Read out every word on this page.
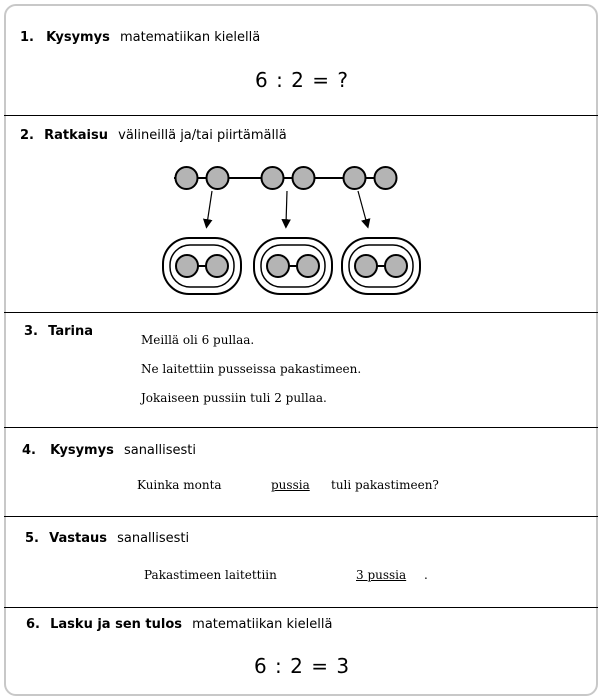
1. Kysymys matematiikan kielellä
6 : 2 = ?
2. Ratkaisu välineillä ja/tai piirtämällä
3. Tarina
Meillä oli 6 pullaa.
Ne laitettiin pusseissa pakastimeen.
Jokaiseen pussiin tuli 2 pullaa.
4. Kysymys sanallisesti
Kuinka monta	pussia tuli pakastimeen?
5. Vastaus sanallisesti
Pakastimeen laitettiin	3 pussia .
6. Lasku ja sen tulos matematiikan kielellä
6 : 2 = 3
